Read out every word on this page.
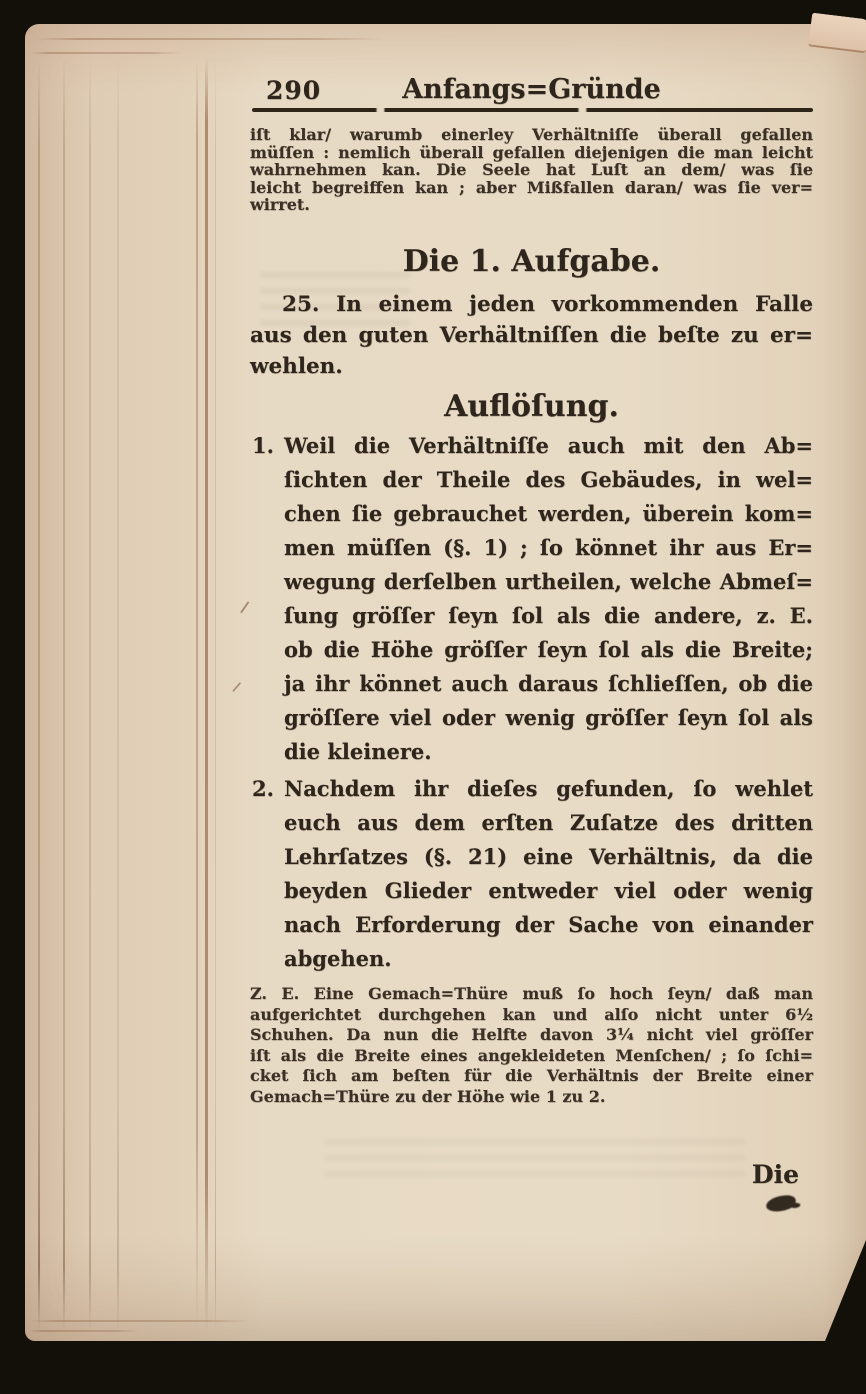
290	Anfangs=Gründe
iſt klar/ warumb einerley Verhältniſſe überall gefallen
müſſen : nemlich überall gefallen diejenigen die man leicht
wahrnehmen kan. Die Seele hat Luſt an dem/ was ſie
leicht begreiffen kan ; aber Mißfallen daran/ was ſie ver=
wirret.
Die 1. Aufgabe.
25. In einem jeden vorkommenden Falle
aus den guten Verhältniſſen die beſte zu er=
wehlen.
Auflöſung.
1. Weil die Verhältniſſe auch mit den Ab=
ſichten der Theile des Gebäudes, in wel=
chen ſie gebrauchet werden, überein kom=
men müſſen (§. 1) ; ſo könnet ihr aus Er=
wegung derſelben urtheilen, welche Abmeſ=
ſung gröſſer ſeyn ſol als die andere, z. E.
ob die Höhe gröſſer ſeyn ſol als die Breite;
ja ihr könnet auch daraus ſchlieſſen, ob die
gröſſere viel oder wenig gröſſer ſeyn ſol als
die kleinere.
2. Nachdem ihr dieſes gefunden, ſo wehlet
euch aus dem erſten Zuſatze des dritten
Lehrſatzes (§. 21) eine Verhältnis, da die
beyden Glieder entweder viel oder wenig
nach Erforderung der Sache von einander
abgehen.
Z. E. Eine Gemach=Thüre muß ſo hoch ſeyn/ daß man
aufgerichtet durchgehen kan und alſo nicht unter 6½
Schuhen. Da nun die Helfte davon 3¼ nicht viel gröſſer
iſt als die Breite eines angekleideten Menſchen/ ; ſo ſchi=
cket ſich am beſten für die Verhältnis der Breite einer
Gemach=Thüre zu der Höhe wie 1 zu 2.
Die
/
/
